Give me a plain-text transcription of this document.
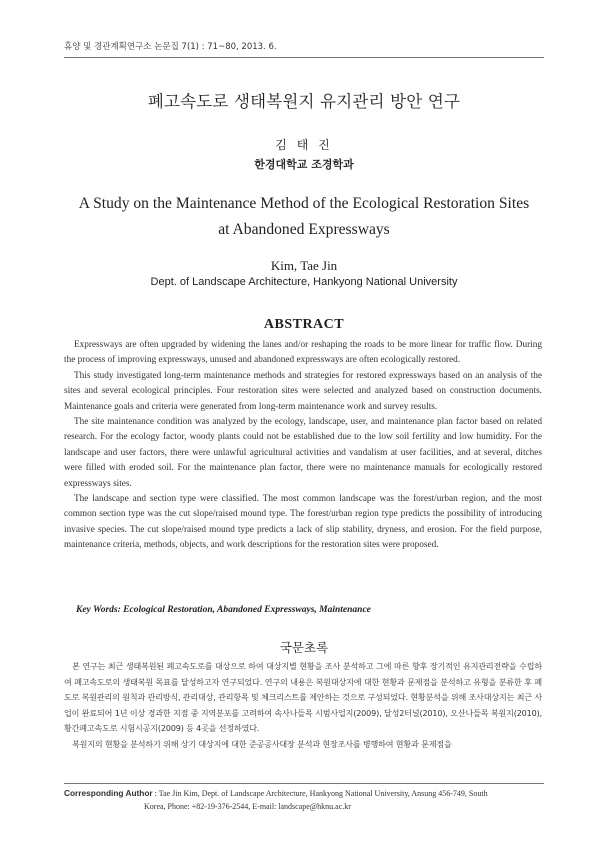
휴양 및 경관계획연구소 논문집 7(1) : 71~80, 2013. 6.
폐고속도로 생태복원지 유지관리 방안 연구
김 태 진
한경대학교 조경학과
A Study on the Maintenance Method of the Ecological Restoration Sites
at Abandoned Expressways
Kim, Tae Jin
Dept. of Landscape Architecture, Hankyong National University
ABSTRACT

Expressways are often upgraded by widening the lanes and/or reshaping the roads to be more linear for traffic flow. During the process of improving expressways, unused and abandoned expressways are often ecologically restored.

This study investigated long-term maintenance methods and strategies for restored expressways based on an analysis of the sites and several ecological principles. Four restoration sites were selected and analyzed based on construction documents. Maintenance goals and criteria were generated from long-term maintenance work and survey results.

The site maintenance condition was analyzed by the ecology, landscape, user, and maintenance plan factor based on related research. For the ecology factor, woody plants could not be established due to the low soil fertility and low humidity. For the landscape and user factors, there were unlawful agricultural activities and vandalism at user facilities, and at several, ditches were filled with eroded soil. For the maintenance plan factor, there were no maintenance manuals for ecologically restored expressways sites.

The landscape and section type were classified. The most common landscape was the forest/urban region, and the most common section type was the cut slope/raised mound type. The forest/urban region type predicts the possibility of introducing invasive species. The cut slope/raised mound type predicts a lack of slip stability, dryness, and erosion. For the field purpose, maintenance criteria, methods, objects, and work descriptions for the restoration sites were proposed.

Key Words: Ecological Restoration, Abandoned Expressways, Maintenance
국문초록

본 연구는 최근 생태복원된 폐고속도로를 대상으로 하여 대상지별 현황을 조사 분석하고 그에 따른 향후 장기적인 유지관리전략을 수립하여 폐고속도로의 생태복원 목표를 달성하고자 연구되었다. 연구의 내용은 복원대상지에 대한 현황과 문제점을 분석하고 유형을 분류한 후 폐도로 복원관리의 원칙과 관리방식, 관리대상, 관리항목 및 체크리스트를 제안하는 것으로 구성되었다. 현황분석을 위해 조사대상지는 최근 사업이 완료되어 1년 이상 경과한 지점 중 지역분포를 고려하여 속사나들목 시범사업지(2009), 달성2터널(2010), 오산나들목 복원지(2010), 황간폐고속도로 시험시공지(2009) 등 4곳을 선정하였다.

복원지의 현황을 분석하기 위해 상기 대상지에 대한 준공공사대장 분석과 현장조사를 병행하여 현황과 문제점을

Corresponding Author : Tae Jin Kim, Dept. of Landscape Architecture, Hankyong National University, Ansung 456-749, South
Korea, Phone: +82-19-376-2544, E-mail: landscape@hknu.ac.kr
